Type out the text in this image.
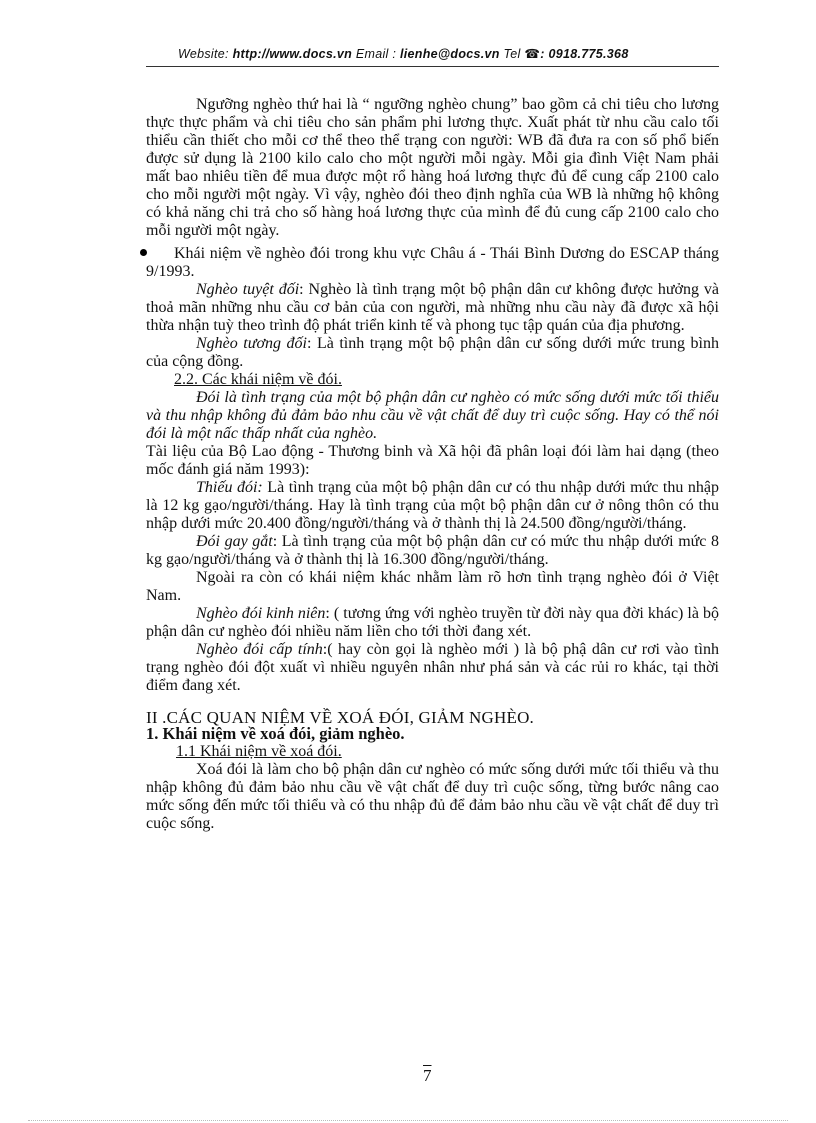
Website: http://www.docs.vn Email : lienhe@docs.vn Tel ☎: 0918.775.368

Ngưỡng nghèo thứ hai là “ ngưỡng nghèo chung” bao gồm cả chi tiêu cho lương thực thực phẩm và chi tiêu cho sản phẩm phi lương thực. Xuất phát từ nhu cầu calo tối thiểu cần thiết cho mỗi cơ thể theo thể trạng con người: WB đã đưa ra con số phổ biến được sử dụng là 2100 kilo calo cho một người mỗi ngày. Mỗi gia đình Việt Nam phải mất bao nhiêu tiền để mua được một rổ hàng hoá lương thực đủ để cung cấp 2100 calo cho mỗi người một ngày. Vì vậy, nghèo đói theo định nghĩa của WB là những hộ không có khả năng chi trả cho số hàng hoá lương thực của mình để đủ cung cấp 2100 calo cho mỗi người một ngày.

Khái niệm về nghèo đói trong khu vực Châu á - Thái Bình Dương do ESCAP tháng 9/1993.

Nghèo tuyệt đối: Nghèo là tình trạng một bộ phận dân cư không được hưởng và thoả mãn những nhu cầu cơ bản của con người, mà những nhu cầu này đã được xã hội thừa nhận tuỳ theo trình độ phát triển kinh tế và phong tục tập quán của địa phương.

Nghèo tương đối: Là tình trạng một bộ phận dân cư sống dưới mức trung bình của cộng đồng.

2.2. Các khái niệm về đói.

Đói là tình trạng của một bộ phận dân cư nghèo có mức sống dưới mức tối thiểu và thu nhập không đủ đảm bảo nhu cầu về vật chất để duy trì cuộc sống. Hay có thể nói đói là một nấc thấp nhất của nghèo.

Tài liệu của Bộ Lao động - Thương binh và Xã hội đã phân loại đói làm hai dạng (theo mốc đánh giá năm 1993):

Thiếu đói: Là tình trạng của một bộ phận dân cư có thu nhập dưới mức thu nhập là 12 kg gạo/người/tháng. Hay là tình trạng của một bộ phận dân cư ở nông thôn có thu nhập dưới mức 20.400 đồng/người/tháng và ở thành thị là 24.500 đồng/người/tháng.

Đói gay gắt: Là tình trạng của một bộ phận dân cư có mức thu nhập dưới mức 8 kg gạo/người/tháng và ở thành thị là 16.300 đồng/người/tháng.

Ngoài ra còn có khái niệm khác nhằm làm rõ hơn tình trạng nghèo đói ở Việt Nam.

Nghèo đói kinh niên: ( tương ứng với nghèo truyền từ đời này qua đời khác) là bộ phận dân cư nghèo đói nhiều năm liền cho tới thời đang xét.

Nghèo đói cấp tính:( hay còn gọi là nghèo mới ) là bộ phậ dân cư rơi vào tình trạng nghèo đói đột xuất vì nhiều nguyên nhân như phá sản và các rủi ro khác, tại thời điểm đang xét.

II .CÁC QUAN NIỆM VỀ XOÁ ĐÓI, GIẢM NGHÈO.

1. Khái niệm về xoá đói, giảm nghèo.

1.1 Khái niệm về xoá đói.

Xoá đói là làm cho bộ phận dân cư nghèo có mức sống dưới mức tối thiểu và thu nhập không đủ đảm bảo nhu cầu về vật chất để duy trì cuộc sống, từng bước nâng cao mức sống đến mức tối thiểu và có thu nhập đủ để đảm bảo nhu cầu về vật chất để duy trì cuộc sống.

7
